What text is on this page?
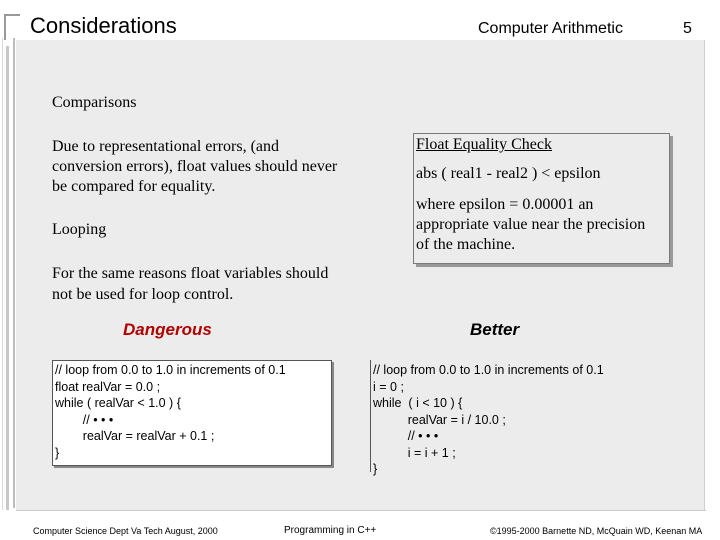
Considerations	Computer Arithmetic	5
Comparisons
Due to representational errors, (and conversion errors), float values should never be compared for equality.
Looping
For the same reasons float variables should not be used for loop control.
Float Equality Check
abs ( real1 - real2 ) < epsilon
where epsilon = 0.00001 an appropriate value near the precision of the machine.
Dangerous	Better
// loop from 0.0 to 1.0 in increments of 0.1
float realVar = 0.0 ;
while ( realVar < 1.0 ) {
// • • •
realVar = realVar + 0.1 ;
}
// loop from 0.0 to 1.0 in increments of 0.1
i = 0 ;
while  ( i < 10 ) {
realVar = i / 10.0 ;
// • • •
i = i + 1 ;
}
Computer Science Dept Va Tech August, 2000	Programming in C++	©1995-2000 Barnette ND, McQuain WD, Keenan MA
